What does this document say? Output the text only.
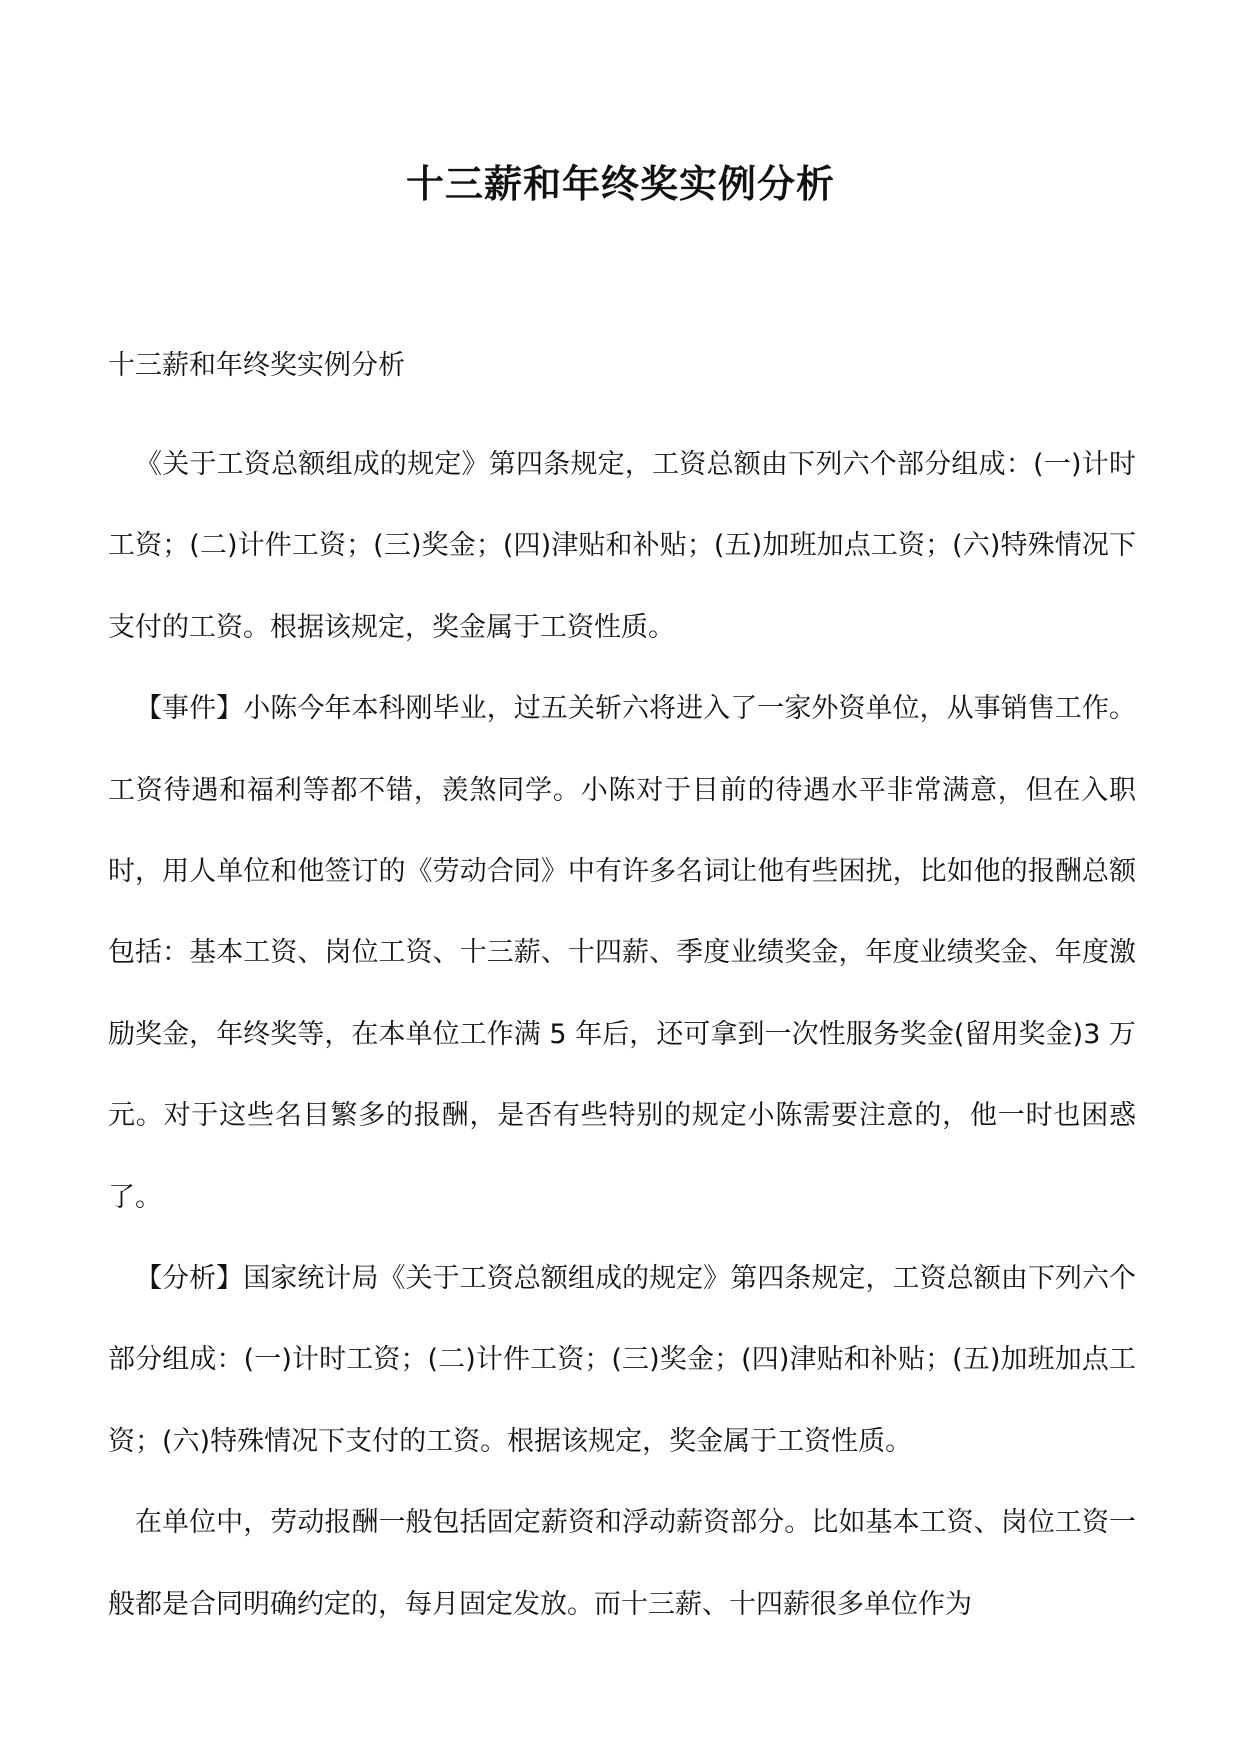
十三薪和年终奖实例分析

十三薪和年终奖实例分析

《关于工资总额组成的规定》第四条规定，工资总额由下列六个部分组成：(一)计时工资；(二)计件工资；(三)奖金；(四)津贴和补贴；(五)加班加点工资；(六)特殊情况下支付的工资。根据该规定，奖金属于工资性质。

【事件】小陈今年本科刚毕业，过五关斩六将进入了一家外资单位，从事销售工作。工资待遇和福利等都不错，羡煞同学。小陈对于目前的待遇水平非常满意，但在入职时，用人单位和他签订的《劳动合同》中有许多名词让他有些困扰，比如他的报酬总额包括：基本工资、岗位工资、十三薪、十四薪、季度业绩奖金，年度业绩奖金、年度激励奖金，年终奖等，在本单位工作满 5 年后，还可拿到一次性服务奖金(留用奖金)3 万元。对于这些名目繁多的报酬，是否有些特别的规定小陈需要注意的，他一时也困惑了。

【分析】国家统计局《关于工资总额组成的规定》第四条规定，工资总额由下列六个部分组成：(一)计时工资；(二)计件工资；(三)奖金；(四)津贴和补贴；(五)加班加点工资；(六)特殊情况下支付的工资。根据该规定，奖金属于工资性质。

在单位中，劳动报酬一般包括固定薪资和浮动薪资部分。比如基本工资、岗位工资一般都是合同明确约定的，每月固定发放。而十三薪、十四薪很多单位作为
